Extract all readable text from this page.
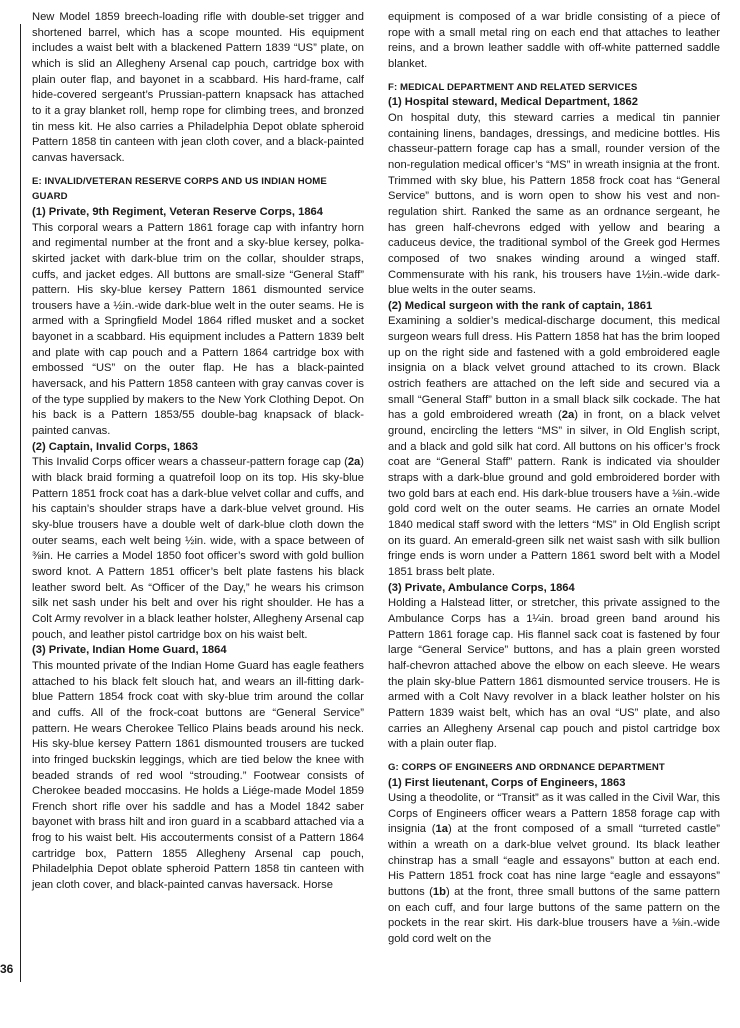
36

New Model 1859 breech-loading rifle with double-set trigger and shortened barrel, which has a scope mounted. His equipment includes a waist belt with a blackened Pattern 1839 “US” plate, on which is slid an Allegheny Arsenal cap pouch, cartridge box with plain outer flap, and bayonet in a scabbard. His hard-frame, calf hide-covered sergeant’s Prussian-pattern knapsack has attached to it a gray blanket roll, hemp rope for climbing trees, and bronzed tin mess kit. He also carries a Philadelphia Depot oblate spheroid Pattern 1858 tin canteen with jean cloth cover, and a black-painted canvas haversack.

E: INVALID/VETERAN RESERVE CORPS AND US INDIAN HOME GUARD

(1) Private, 9th Regiment, Veteran Reserve Corps, 1864

This corporal wears a Pattern 1861 forage cap with infantry horn and regimental number at the front and a sky-blue kersey, polka-skirted jacket with dark-blue trim on the collar, shoulder straps, cuffs, and jacket edges. All buttons are small-size “General Staff” pattern. His sky-blue kersey Pattern 1861 dismounted service trousers have a ½in.-wide dark-blue welt in the outer seams. He is armed with a Springfield Model 1864 rifled musket and a socket bayonet in a scabbard. His equipment includes a Pattern 1839 belt and plate with cap pouch and a Pattern 1864 cartridge box with embossed “US” on the outer flap. He has a black-painted haversack, and his Pattern 1858 canteen with gray canvas cover is of the type supplied by makers to the New York Clothing Depot. On his back is a Pattern 1853/55 double-bag knapsack of black-painted canvas.

(2) Captain, Invalid Corps, 1863

This Invalid Corps officer wears a chasseur-pattern forage cap (2a) with black braid forming a quatrefoil loop on its top. His sky-blue Pattern 1851 frock coat has a dark-blue velvet collar and cuffs, and his captain’s shoulder straps have a dark-blue velvet ground. His sky-blue trousers have a double welt of dark-blue cloth down the outer seams, each welt being ½in. wide, with a space between of ⅜in. He carries a Model 1850 foot officer’s sword with gold bullion sword knot. A Pattern 1851 officer’s belt plate fastens his black leather sword belt. As “Officer of the Day,” he wears his crimson silk net sash under his belt and over his right shoulder. He has a Colt Army revolver in a black leather holster, Allegheny Arsenal cap pouch, and leather pistol cartridge box on his waist belt.

(3) Private, Indian Home Guard, 1864

This mounted private of the Indian Home Guard has eagle feathers attached to his black felt slouch hat, and wears an ill-fitting dark-blue Pattern 1854 frock coat with sky-blue trim around the collar and cuffs. All of the frock-coat buttons are “General Service” pattern. He wears Cherokee Tellico Plains beads around his neck. His sky-blue kersey Pattern 1861 dismounted trousers are tucked into fringed buckskin leggings, which are tied below the knee with beaded strands of red wool “strouding.” Footwear consists of Cherokee beaded moccasins. He holds a Liége-made Model 1859 French short rifle over his saddle and has a Model 1842 saber bayonet with brass hilt and iron guard in a scabbard attached via a frog to his waist belt. His accouterments consist of a Pattern 1864 cartridge box, Pattern 1855 Allegheny Arsenal cap pouch, Philadelphia Depot oblate spheroid Pattern 1858 tin canteen with jean cloth cover, and black-painted canvas haversack. Horse

equipment is composed of a war bridle consisting of a piece of rope with a small metal ring on each end that attaches to leather reins, and a brown leather saddle with off-white patterned saddle blanket.

F: MEDICAL DEPARTMENT AND RELATED SERVICES

(1) Hospital steward, Medical Department, 1862

On hospital duty, this steward carries a medical tin pannier containing linens, bandages, dressings, and medicine bottles. His chasseur-pattern forage cap has a small, rounder version of the non-regulation medical officer’s “MS” in wreath insignia at the front. Trimmed with sky blue, his Pattern 1858 frock coat has “General Service” buttons, and is worn open to show his vest and non-regulation shirt. Ranked the same as an ordnance sergeant, he has green half-chevrons edged with yellow and bearing a caduceus device, the traditional symbol of the Greek god Hermes composed of two snakes winding around a winged staff. Commensurate with his rank, his trousers have 1½in.-wide dark-blue welts in the outer seams.

(2) Medical surgeon with the rank of captain, 1861

Examining a soldier’s medical-discharge document, this medical surgeon wears full dress. His Pattern 1858 hat has the brim looped up on the right side and fastened with a gold embroidered eagle insignia on a black velvet ground attached to its crown. Black ostrich feathers are attached on the left side and secured via a small “General Staff” button in a small black silk cockade. The hat has a gold embroidered wreath (2a) in front, on a black velvet ground, encircling the letters “MS” in silver, in Old English script, and a black and gold silk hat cord. All buttons on his officer’s frock coat are “General Staff” pattern. Rank is indicated via shoulder straps with a dark-blue ground and gold embroidered border with two gold bars at each end. His dark-blue trousers have a ⅛in.-wide gold cord welt on the outer seams. He carries an ornate Model 1840 medical staff sword with the letters “MS” in Old English script on its guard. An emerald-green silk net waist sash with silk bullion fringe ends is worn under a Pattern 1861 sword belt with a Model 1851 brass belt plate.

(3) Private, Ambulance Corps, 1864

Holding a Halstead litter, or stretcher, this private assigned to the Ambulance Corps has a 1¼in. broad green band around his Pattern 1861 forage cap. His flannel sack coat is fastened by four large “General Service” buttons, and has a plain green worsted half-chevron attached above the elbow on each sleeve. He wears the plain sky-blue Pattern 1861 dismounted service trousers. He is armed with a Colt Navy revolver in a black leather holster on his Pattern 1839 waist belt, which has an oval “US” plate, and also carries an Allegheny Arsenal cap pouch and pistol cartridge box with a plain outer flap.

G: CORPS OF ENGINEERS AND ORDNANCE DEPARTMENT

(1) First lieutenant, Corps of Engineers, 1863

Using a theodolite, or “Transit” as it was called in the Civil War, this Corps of Engineers officer wears a Pattern 1858 forage cap with insignia (1a) at the front composed of a small “turreted castle” within a wreath on a dark-blue velvet ground. Its black leather chinstrap has a small “eagle and essayons” button at each end. His Pattern 1851 frock coat has nine large “eagle and essayons” buttons (1b) at the front, three small buttons of the same pattern on each cuff, and four large buttons of the same pattern on the pockets in the rear skirt. His dark-blue trousers have a ⅛in.-wide gold cord welt on the
